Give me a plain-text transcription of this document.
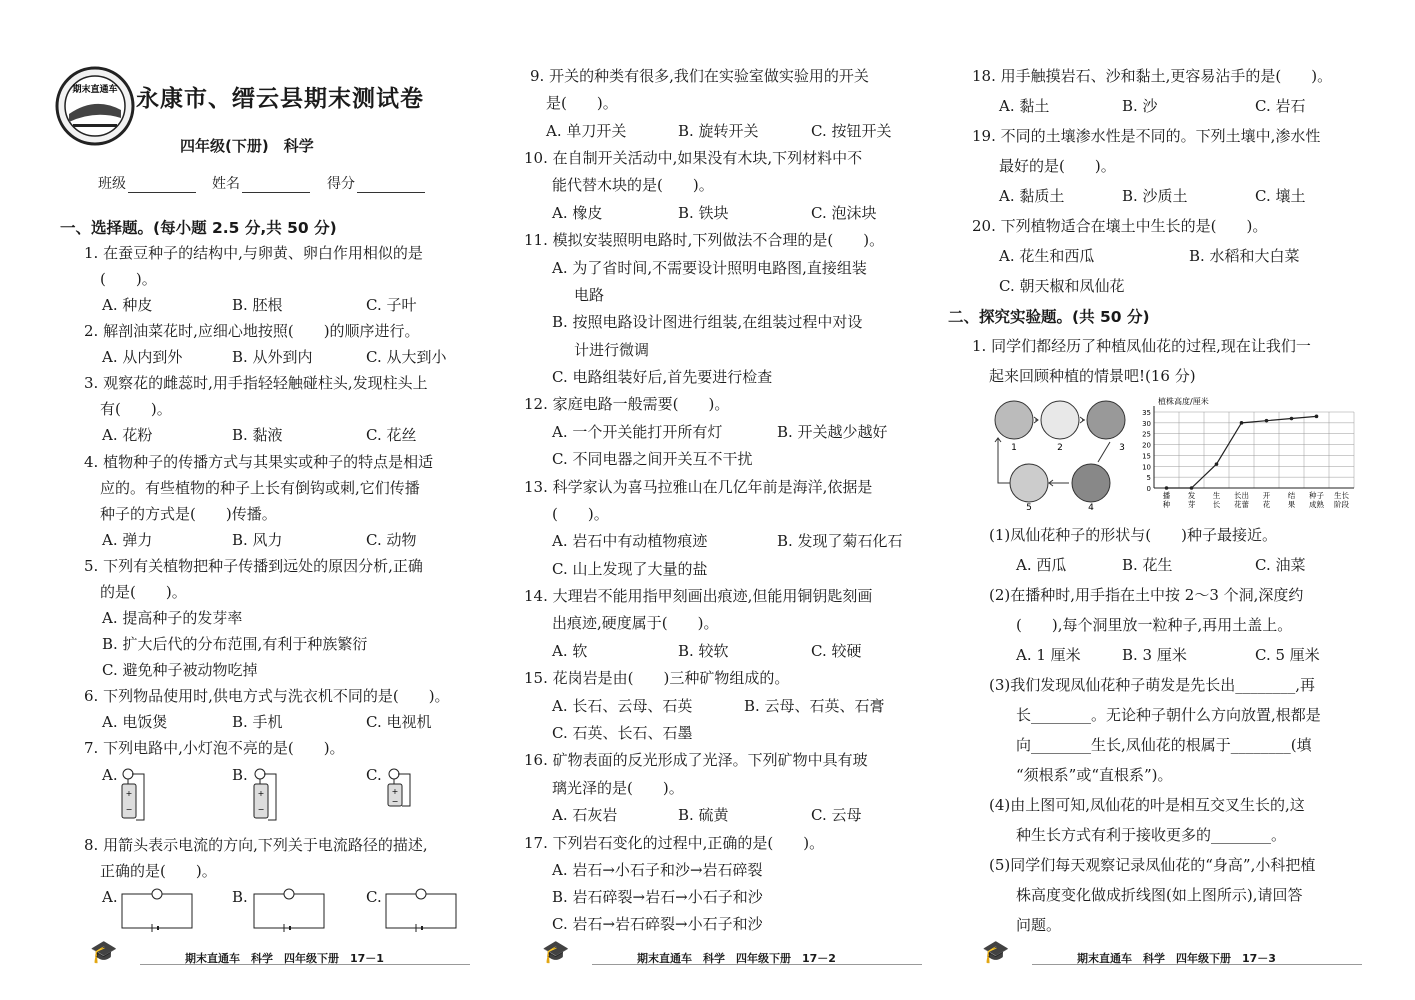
期末直通车 永康市、缙云县期末测试卷
四年级(下册)　科学
班级	姓名	得分
一、选择题。(每小题 2.5 分,共 50 分)
1. 在蚕豆种子的结构中,与卵黄、卵白作用相似的是
(　　)。
A. 种皮	B. 胚根	C. 子叶
2. 解剖油菜花时,应细心地按照(　　)的顺序进行。
A. 从内到外	B. 从外到内	C. 从大到小
3. 观察花的雌蕊时,用手指轻轻触碰柱头,发现柱头上
有(　　)。
A. 花粉	B. 黏液	C. 花丝
4. 植物种子的传播方式与其果实或种子的特点是相适
应的。有些植物的种子上长有倒钩或刺,它们传播
种子的方式是(　　)传播。
A. 弹力	B. 风力	C. 动物
5. 下列有关植物把种子传播到远处的原因分析,正确
的是(　　)。
A. 提高种子的发芽率
B. 扩大后代的分布范围,有利于种族繁衍
C. 避免种子被动物吃掉
6. 下列物品使用时,供电方式与洗衣机不同的是(　　)。
A. 电饭煲	B. 手机	C. 电视机
7. 下列电路中,小灯泡不亮的是(　　)。
A.	B.	C.
+
−
+
−
+
−
8. 用箭头表示电流的方向,下列关于电流路径的描述,
正确的是(　　)。
A.	B.	C.
🎓	期末直通车　科学　四年级下册　17－1
9. 开关的种类有很多,我们在实验室做实验用的开关
是(　　)。
A. 单刀开关	B. 旋转开关	C. 按钮开关
10. 在自制开关活动中,如果没有木块,下列材料中不
能代替木块的是(　　)。
A. 橡皮	B. 铁块	C. 泡沫块
11. 模拟安装照明电路时,下列做法不合理的是(　　)。
A. 为了省时间,不需要设计照明电路图,直接组装
电路
B. 按照电路设计图进行组装,在组装过程中对设
计进行微调
C. 电路组装好后,首先要进行检查
12. 家庭电路一般需要(　　)。
A. 一个开关能打开所有灯	B. 开关越少越好
C. 不同电器之间开关互不干扰
13. 科学家认为喜马拉雅山在几亿年前是海洋,依据是
(　　)。
A. 岩石中有动植物痕迹	B. 发现了菊石化石
C. 山上发现了大量的盐
14. 大理岩不能用指甲刻画出痕迹,但能用铜钥匙刻画
出痕迹,硬度属于(　　)。
A. 软	B. 较软	C. 较硬
15. 花岗岩是由(　　)三种矿物组成的。
A. 长石、云母、石英	B. 云母、石英、石膏
C. 石英、长石、石墨
16. 矿物表面的反光形成了光泽。下列矿物中具有玻
璃光泽的是(　　)。
A. 石灰岩	B. 硫黄	C. 云母
17. 下列岩石变化的过程中,正确的是(　　)。
A. 岩石→小石子和沙→岩石碎裂
B. 岩石碎裂→岩石→小石子和沙
C. 岩石→岩石碎裂→小石子和沙
🎓	期末直通车　科学　四年级下册　17－2
18. 用手触摸岩石、沙和黏土,更容易沾手的是(　　)。
A. 黏土	B. 沙	C. 岩石
19. 不同的土壤渗水性是不同的。下列土壤中,渗水性
最好的是(　　)。
A. 黏质土	B. 沙质土	C. 壤土
20. 下列植物适合在壤土中生长的是(　　)。
A. 花生和西瓜	B. 水稻和大白菜
C. 朝天椒和凤仙花
二、探究实验题。(共 50 分)
1. 同学们都经历了种植凤仙花的过程,现在让我们一
起来回顾种植的情景吧!(16 分)
1	2	3
4
5
0
5
10
15
20
25
30
35
植株高度/厘米
播
种
发
芽
生
长
长出
花蕾
开
花
结
果
种子
成熟
生长
阶段
(1)凤仙花种子的形状与(　　)种子最接近。
A. 西瓜	B. 花生	C. 油菜
(2)在播种时,用手指在土中按 2～3 个洞,深度约
(　　),每个洞里放一粒种子,再用土盖上。
A. 1 厘米	B. 3 厘米	C. 5 厘米
(3)我们发现凤仙花种子萌发是先长出________,再
长________。无论种子朝什么方向放置,根都是
向________生长,凤仙花的根属于________(填
“须根系”或“直根系”)。
(4)由上图可知,凤仙花的叶是相互交叉生长的,这
种生长方式有利于接收更多的________。
(5)同学们每天观察记录凤仙花的“身高”,小科把植
株高度变化做成折线图(如上图所示),请回答
问题。
🎓	期末直通车　科学　四年级下册　17－3
